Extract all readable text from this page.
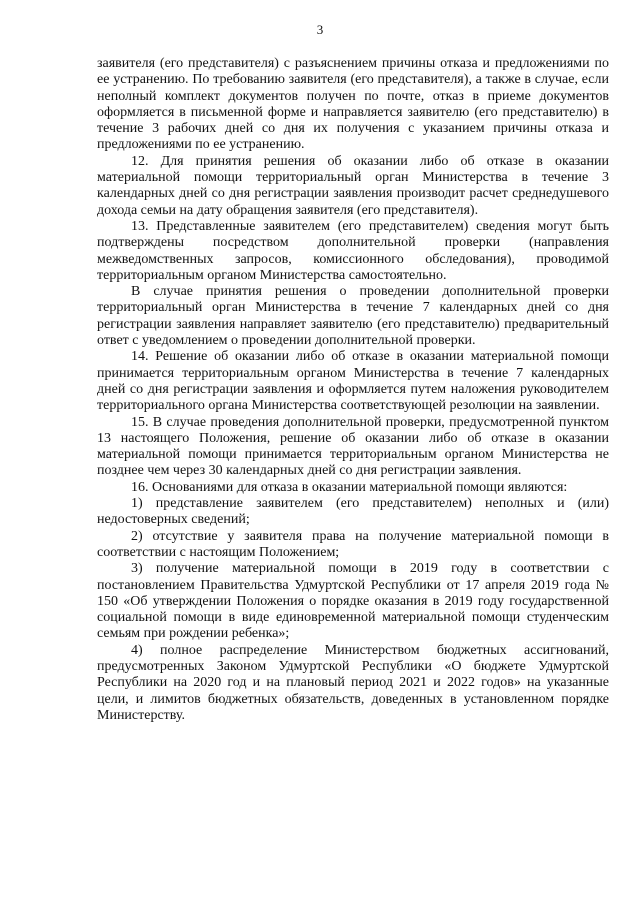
3

заявителя (его представителя) с разъяснением причины отказа и предложениями по ее устранению. По требованию заявителя (его представителя), а также в случае, если неполный комплект документов получен по почте, отказ в приеме документов оформляется в письменной форме и направляется заявителю (его представителю) в течение 3 рабочих дней со дня их получения с указанием причины отказа и предложениями по ее устранению.

12. Для принятия решения об оказании либо об отказе в оказании материальной помощи территориальный орган Министерства в течение 3 календарных дней со дня регистрации заявления производит расчет среднедушевого дохода семьи на дату обращения заявителя (его представителя).

13. Представленные заявителем (его представителем) сведения могут быть подтверждены посредством дополнительной проверки (направления межведомственных запросов, комиссионного обследования), проводимой территориальным органом Министерства самостоятельно.

В случае принятия решения о проведении дополнительной проверки территориальный орган Министерства в течение 7 календарных дней со дня регистрации заявления направляет заявителю (его представителю) предварительный ответ с уведомлением о проведении дополнительной проверки.

14. Решение об оказании либо об отказе в оказании материальной помощи принимается территориальным органом Министерства в течение 7 календарных дней со дня регистрации заявления и оформляется путем наложения руководителем территориального органа Министерства соответствующей резолюции на заявлении.

15. В случае проведения дополнительной проверки, предусмотренной пунктом 13 настоящего Положения, решение об оказании либо об отказе в оказании материальной помощи принимается территориальным органом Министерства не позднее чем через 30 календарных дней со дня регистрации заявления.

16. Основаниями для отказа в оказании материальной помощи являются:

1) представление заявителем (его представителем) неполных и (или) недостоверных сведений;

2) отсутствие у заявителя права на получение материальной помощи в соответствии с настоящим Положением;

3) получение материальной помощи в 2019 году в соответствии с постановлением Правительства Удмуртской Республики от 17 апреля 2019 года № 150 «Об утверждении Положения о порядке оказания в 2019 году государственной социальной помощи в виде единовременной материальной помощи студенческим семьям при рождении ребенка»;

4) полное распределение Министерством бюджетных ассигнований, предусмотренных Законом Удмуртской Республики «О бюджете Удмуртской Республики на 2020 год и на плановый период 2021 и 2022 годов» на указанные цели, и лимитов бюджетных обязательств, доведенных в установленном порядке Министерству.
